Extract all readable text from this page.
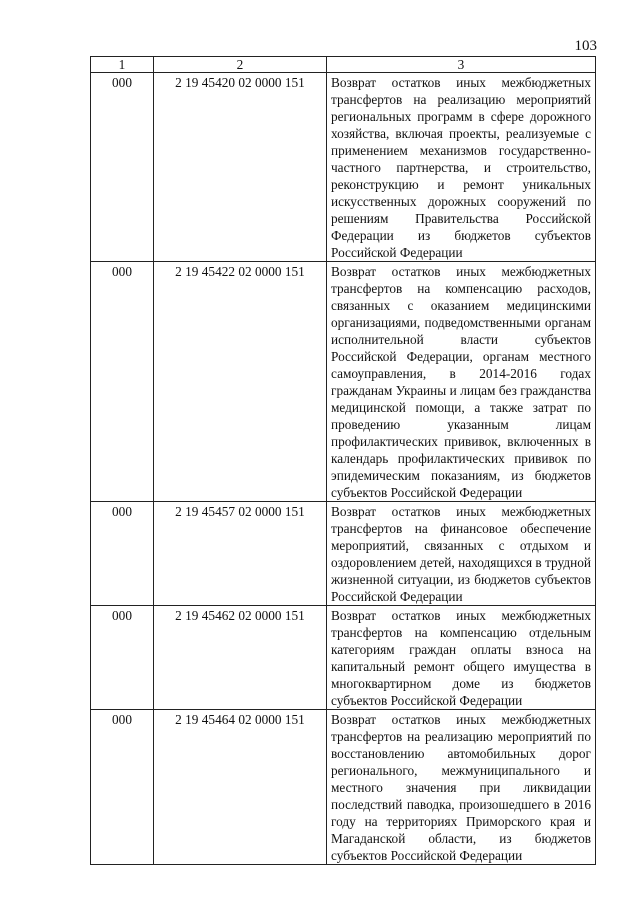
103
1	2	3
000	2 19 45420 02 0000 151	Возврат остатков иных межбюджетных трансфертов на реализацию мероприятий региональных программ в сфере дорожного хозяйства, включая проекты, реализуемые с применением механизмов государственно-частного партнерства, и строительство, реконструкцию и ремонт уникальных искусственных дорожных сооружений по решениям Правительства Российской Федерации из бюджетов субъектов Российской Федерации
000	2 19 45422 02 0000 151	Возврат остатков иных межбюджетных трансфертов на компенсацию расходов, связанных с оказанием медицинскими организациями, подведомственными органам исполнительной власти субъектов Российской Федерации, органам местного самоуправления, в 2014-2016 годах гражданам Украины и лицам без гражданства медицинской помощи, а также затрат по проведению указанным лицам профилактических прививок, включенных в календарь профилактических прививок по эпидемическим показаниям, из бюджетов субъектов Российской Федерации
000	2 19 45457 02 0000 151	Возврат остатков иных межбюджетных трансфертов на финансовое обеспечение мероприятий, связанных с отдыхом и оздоровлением детей, находящихся в трудной жизненной ситуации, из бюджетов субъектов Российской Федерации
000	2 19 45462 02 0000 151	Возврат остатков иных межбюджетных трансфертов на компенсацию отдельным категориям граждан оплаты взноса на капитальный ремонт общего имущества в многоквартирном доме из бюджетов субъектов Российской Федерации
000	2 19 45464 02 0000 151	Возврат остатков иных межбюджетных трансфертов на реализацию мероприятий по восстановлению автомобильных дорог регионального, межмуниципального и местного значения при ликвидации последствий паводка, произошедшего в 2016 году на территориях Приморского края и Магаданской области, из бюджетов субъектов Российской Федерации
